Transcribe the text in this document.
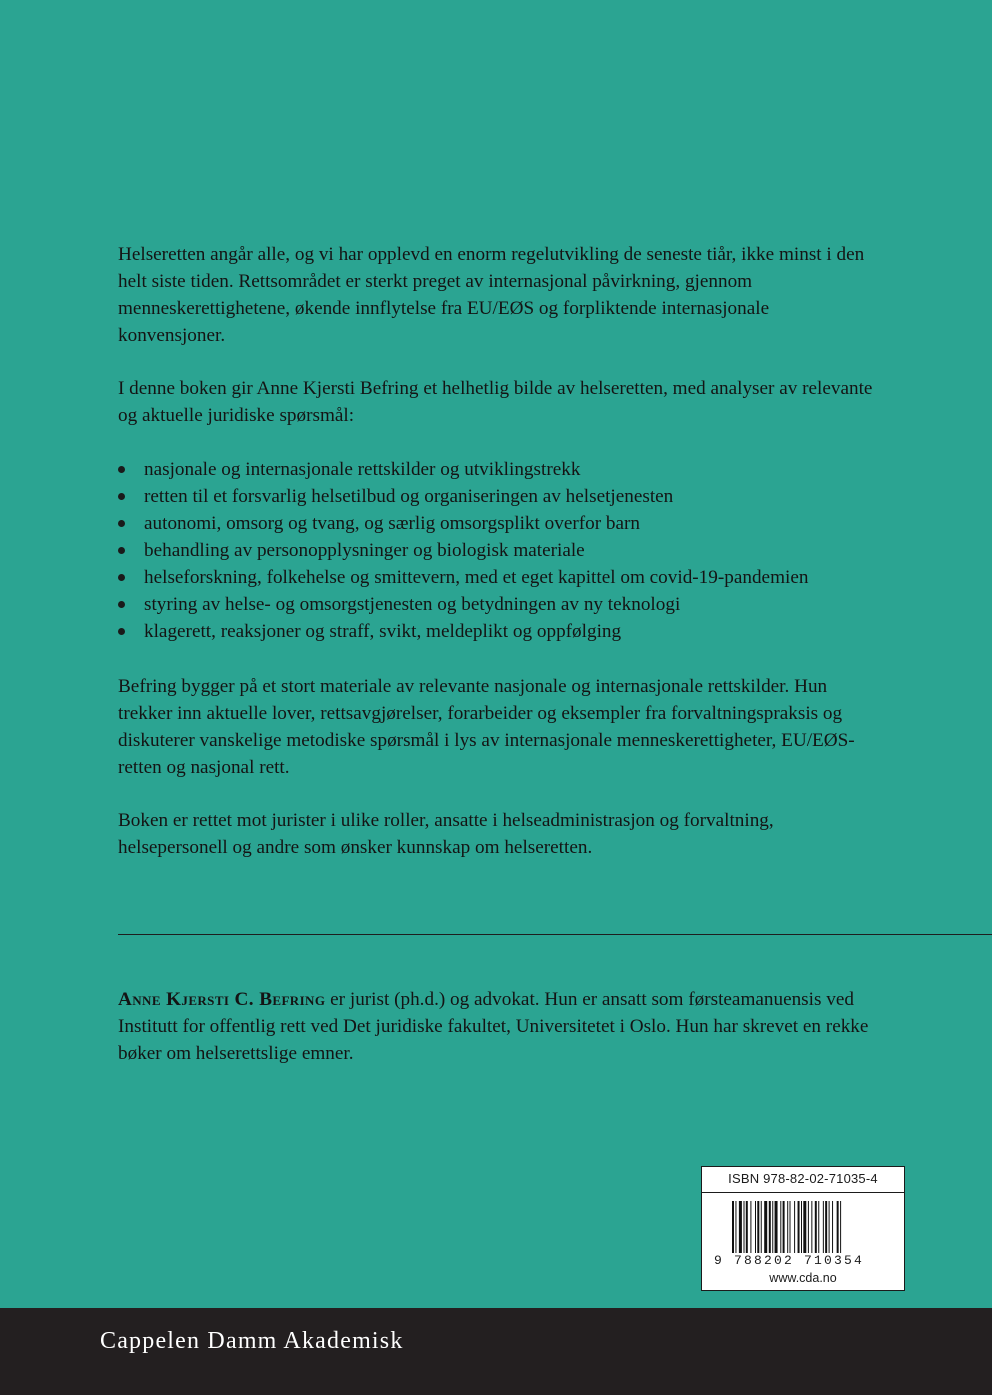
Helseretten angår alle, og vi har opplevd en enorm regelutvikling de seneste tiår, ikke minst i den helt siste tiden. Rettsområdet er sterkt preget av internasjonal påvirkning, gjennom menneskerettighetene, økende innflytelse fra EU/EØS og forpliktende internasjonale konvensjoner.

I denne boken gir Anne Kjersti Befring et helhetlig bilde av helseretten, med analyser av relevante og aktuelle juridiske spørsmål:

nasjonale og internasjonale rettskilder og utviklingstrekk
retten til et forsvarlig helsetilbud og organiseringen av helsetjenesten
autonomi, omsorg og tvang, og særlig omsorgsplikt overfor barn
behandling av personopplysninger og biologisk materiale
helseforskning, folkehelse og smittevern, med et eget kapittel om covid-19-pandemien
styring av helse- og omsorgstjenesten og betydningen av ny teknologi
klagerett, reaksjoner og straff, svikt, meldeplikt og oppfølging

Befring bygger på et stort materiale av relevante nasjonale og internasjonale rettskilder. Hun trekker inn aktuelle lover, rettsavgjørelser, forarbeider og eksempler fra forvaltningspraksis og diskuterer vanskelige metodiske spørsmål i lys av internasjonale menneskerettigheter, EU/EØS-retten og nasjonal rett.

Boken er rettet mot jurister i ulike roller, ansatte i helseadministrasjon og forvaltning, helsepersonell og andre som ønsker kunnskap om helseretten.

Anne Kjersti C. Befring er jurist (ph.d.) og advokat. Hun er ansatt som førsteamanuensis ved Institutt for offentlig rett ved Det juridiske fakultet, Universitetet i Oslo. Hun har skrevet en rekke bøker om helserettslige emner.

ISBN 978-82-02-71035-4
9 788202 710354
www.cda.no
Cappelen Damm Akademisk
